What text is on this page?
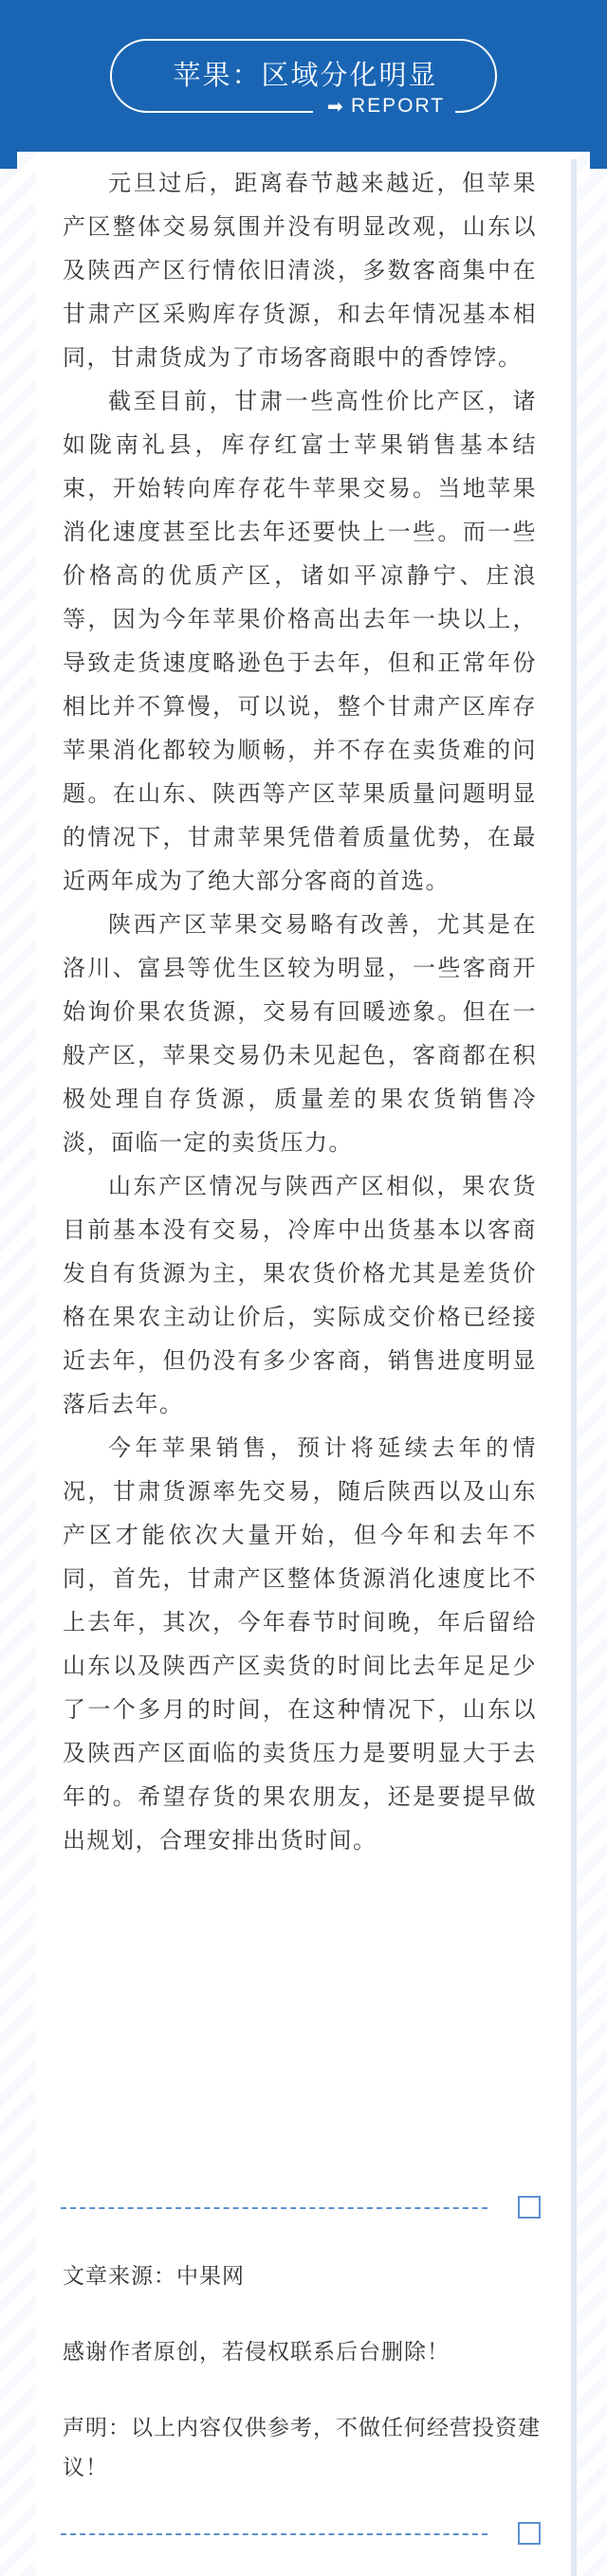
苹果：区域分化明显
➡ REPORT

元旦过后，距离春节越来越近，但苹果产区整体交易氛围并没有明显改观，山东以及陕西产区行情依旧清淡，多数客商集中在甘肃产区采购库存货源，和去年情况基本相同，甘肃货成为了市场客商眼中的香饽饽。

截至目前，甘肃一些高性价比产区，诸如陇南礼县，库存红富士苹果销售基本结束，开始转向库存花牛苹果交易。当地苹果消化速度甚至比去年还要快上一些。而一些价格高的优质产区，诸如平凉静宁、庄浪等，因为今年苹果价格高出去年一块以上，导致走货速度略逊色于去年，但和正常年份相比并不算慢，可以说，整个甘肃产区库存苹果消化都较为顺畅，并不存在卖货难的问题。在山东、陕西等产区苹果质量问题明显的情况下，甘肃苹果凭借着质量优势，在最近两年成为了绝大部分客商的首选。

陕西产区苹果交易略有改善，尤其是在洛川、富县等优生区较为明显，一些客商开始询价果农货源，交易有回暖迹象。但在一般产区，苹果交易仍未见起色，客商都在积极处理自存货源，质量差的果农货销售冷淡，面临一定的卖货压力。

山东产区情况与陕西产区相似，果农货目前基本没有交易，冷库中出货基本以客商发自有货源为主，果农货价格尤其是差货价格在果农主动让价后，实际成交价格已经接近去年，但仍没有多少客商，销售进度明显落后去年。

今年苹果销售，预计将延续去年的情况，甘肃货源率先交易，随后陕西以及山东产区才能依次大量开始，但今年和去年不同，首先，甘肃产区整体货源消化速度比不上去年，其次，今年春节时间晚，年后留给山东以及陕西产区卖货的时间比去年足足少了一个多月的时间，在这种情况下，山东以及陕西产区面临的卖货压力是要明显大于去年的。希望存货的果农朋友，还是要提早做出规划，合理安排出货时间。

文章来源：中果网
感谢作者原创，若侵权联系后台删除！
声明：以上内容仅供参考，不做任何经营投资建议！
